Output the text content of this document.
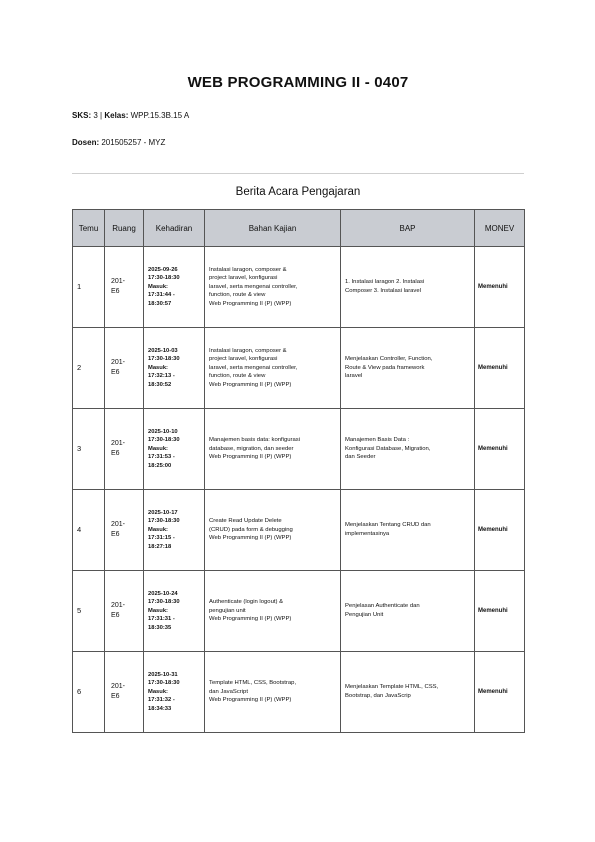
WEB PROGRAMMING II - 0407
SKS: 3 | Kelas: WPP.15.3B.15 A
Dosen: 201505257 - MYZ
Berita Acara Pengajaran
Temu	Ruang	Kehadiran	Bahan Kajian	BAP	MONEV
1	201-
E6	2025-09-26
17:30-18:30
Masuk:
17:31:44 -
18:30:57	Instalasi laragon, composer &
project laravel, konfigurasi
laravel, serta mengenai controller,
function, route & view
Web Programming II (P) (WPP)	1. Instalasi laragon 2. Instalasi
Composer 3. Instalasi laravel	Memenuhi
2	201-
E6	2025-10-03
17:30-18:30
Masuk:
17:32:13 -
18:30:52	Instalasi laragon, composer &
project laravel, konfigurasi
laravel, serta mengenai controller,
function, route & view
Web Programming II (P) (WPP)	Menjelaskan Controller, Function,
Route & View pada framework
laravel	Memenuhi
3	201-
E6	2025-10-10
17:30-18:30
Masuk:
17:31:53 -
18:25:00	Manajemen basis data: konfigurasi
database, migration, dan seeder
Web Programming II (P) (WPP)	Manajemen Basis Data :
Konfigurasi Database, Migration,
dan Seeder	Memenuhi
4	201-
E6	2025-10-17
17:30-18:30
Masuk:
17:31:15 -
18:27:18	Create Read Update Delete
(CRUD) pada form & debugging
Web Programming II (P) (WPP)	Menjelaskan Tentang CRUD dan
implementasinya	Memenuhi
5	201-
E6	2025-10-24
17:30-18:30
Masuk:
17:31:31 -
18:30:35	Authenticate (login logout) &
pengujian unit
Web Programming II (P) (WPP)	Penjelasan Authenticate dan
Pengujian Unit	Memenuhi
6	201-
E6	2025-10-31
17:30-18:30
Masuk:
17:31:32 -
18:34:33	Template HTML, CSS, Bootstrap,
dan JavaScript
Web Programming II (P) (WPP)	Menjelaskan Template HTML, CSS,
Bootstrap, dan JavaScrip	Memenuhi
